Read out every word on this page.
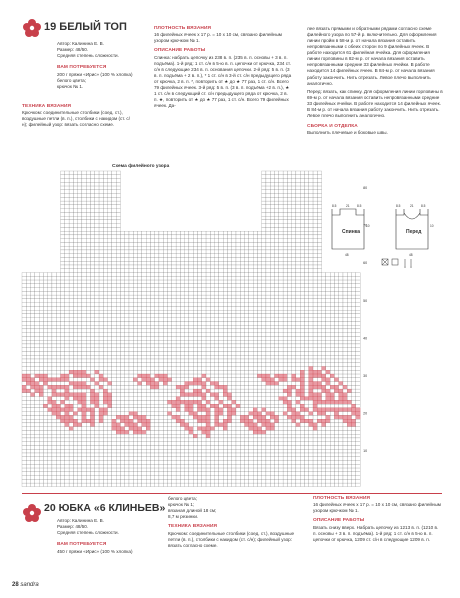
19 БЕЛЫЙ ТОП
Автор: Калинина Е. В.
Размер: 48/50.
Средняя степень сложности.
ВАМ ПОТРЕБУЕТСЯ
200 г пряжи «Ирис» (100 % хлопка) белого цвета;
крючок № 1.
ТЕХНИКА ВЯЗАНИЯ
Крючком: соединительные столбики (соед. ст.), воздушные петли (в. п.), столбики с накидом (ст. с/н); филейный узор: вязать согласно схеме.
ПЛОТНОСТЬ ВЯЗАНИЯ
16 филейных ячеек х 17 р. = 10 х 10 см, связано филейным узором крючком № 1.
ОПИСАНИЕ РАБОТЫ
Спинка: набрать цепочку из 238 в. п. (235 в. п. основы + 3 в. п. подъёма). 1-й ряд: 1 ст. с/н в 5-ю в. п. цепочки от крючка, 234 ст. с/н в следующие 234 в. п. основания цепочки. 2-й ряд: 5 в. п. (3 в. п. подъёма + 2 в. п.), * 1 ст. с/н в 3-й ст. с/н предыдущего ряда от крючка, 2 в. п. *, повторить от ★ до ★ 77 раз, 1 ст. с/н. Всего 79 филейных ячеек. 3-й ряд: 5 в. п. (3 в. п. подъёма +2 в. п.), ★ 1 ст. с/н в следующий ст. с/н предыдущего ряда от крючка, 2 в. п. ★, повторить от ★ до ★ 77 раз, 1 ст. с/н. Всего 79 филейных ячеек. Да-
лее вязать прямыми и обратными рядами согласно схеме филейного узора по 57-й р. включительно. Для оформления линии пройм в 58-м р. от начала вязания оставить непровязанными с обеих сторон по 9 филейных ячеек. В работе находится 61 филейная ячейка. Для оформления линии горловины в 82-м р. от начала вязания оставить непровязанными средние 33 филейных ячейки. В работе находится 14 филейных ячеек. В 84-м р. от начала вязания работу закончить. Нить отрезать. Левое плечо выполнить аналогично.
Перед: вязать, как спинку. Для оформления линии горловины в 69-м р. от начала вязания оставить непровязанными средние 33 филейных ячейки. В работе находится 14 филейных ячеек. В 84-м р. от начала вязания работу закончить. Нить отрезать. Левое плечо выполнить аналогично.
СБОРКА И ОТДЕЛКА
Выполнить плечевые и боковые швы.
Спинка	Перед
8.5	21 8.5	8.5	21 8.5
48	48
10	10
Схема филейного узора
10
20
30
40
50
60
70
80
20 ЮБКА «6 КЛИНЬЕВ»
Автор: Калинина Е. В.
Размер: 48/50.
Средняя степень сложности.
ВАМ ПОТРЕБУЕТСЯ
450 г пряжи «Ирис» (100 % хлопка)
белого цвета;
крючок № 1;
вязаная длиной 18 см;
8,7 м резинки.
ТЕХНИКА ВЯЗАНИЯ
Крючком: соединительные столбики (соед. ст.), воздушные петли (в. п.), столбики с накидом (ст. с/н); филейный узор: вязать согласно схеме.
ПЛОТНОСТЬ ВЯЗАНИЯ
16 филейных ячеек х 17 р. = 10 х 10 см, связано филейным узором крючком № 1.
ОПИСАНИЕ РАБОТЫ
Вязать снизу вверх. Набрать цепочку из 1213 в. п. (1210 в. п. основы + 3 в. п. подъёма). 1-й ряд: 1 ст. с/н в 5-ю в. п. цепочки от крючка, 1209 ст. с/н в следующие 1209 в. п.
28 sandra
